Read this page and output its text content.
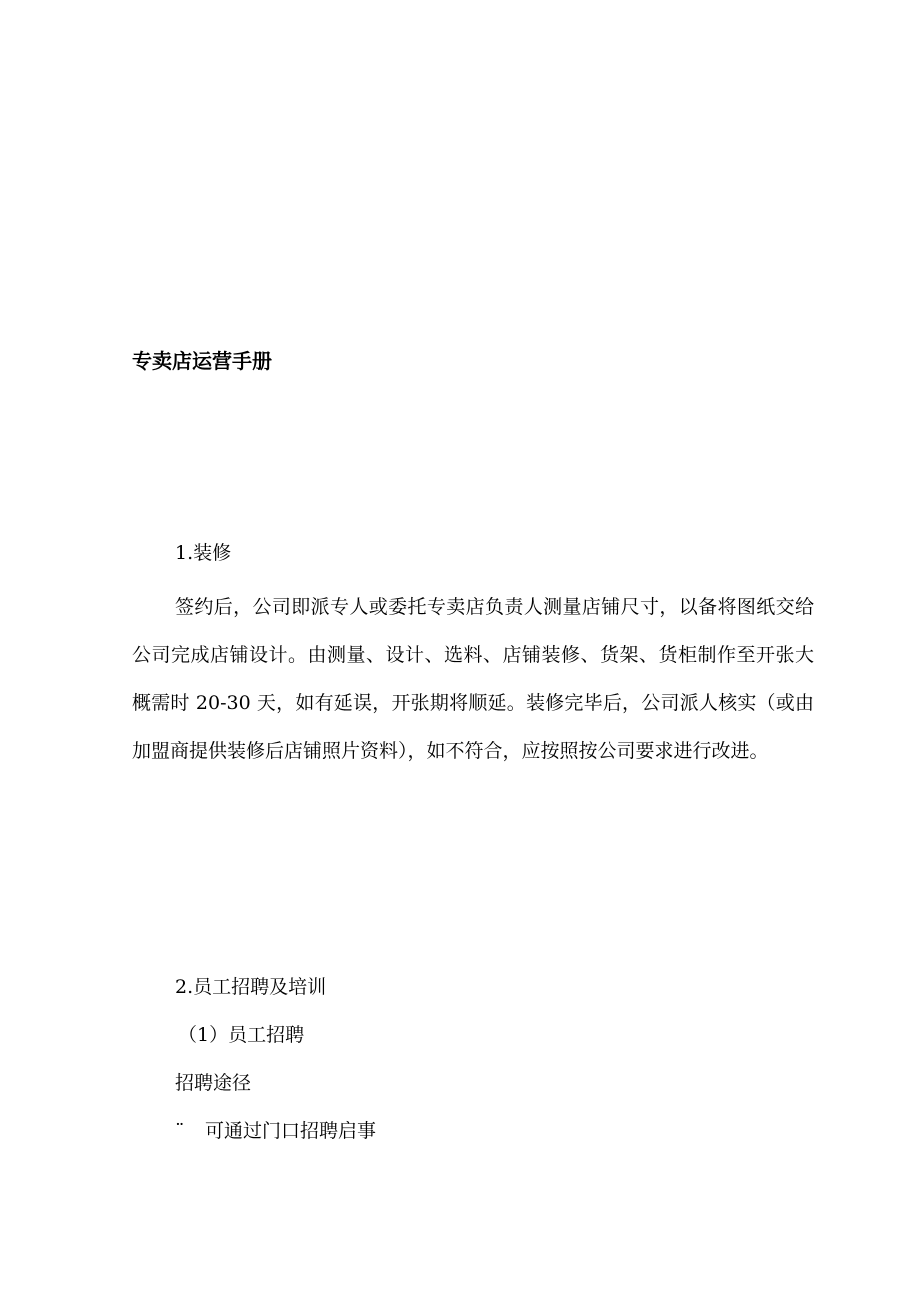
专卖店运营手册
1.装修

签约后，公司即派专人或委托专卖店负责人测量店铺尺寸，以备将图纸交给公司完成店铺设计。由测量、设计、选料、店铺装修、货架、货柜制作至开张大概需时 20-30 天，如有延误，开张期将顺延。装修完毕后，公司派人核实（或由加盟商提供装修后店铺照片资料），如不符合，应按照按公司要求进行改进。

2.员工招聘及培训
（1）员工招聘
招聘途径
¨ 可通过门口招聘启事
